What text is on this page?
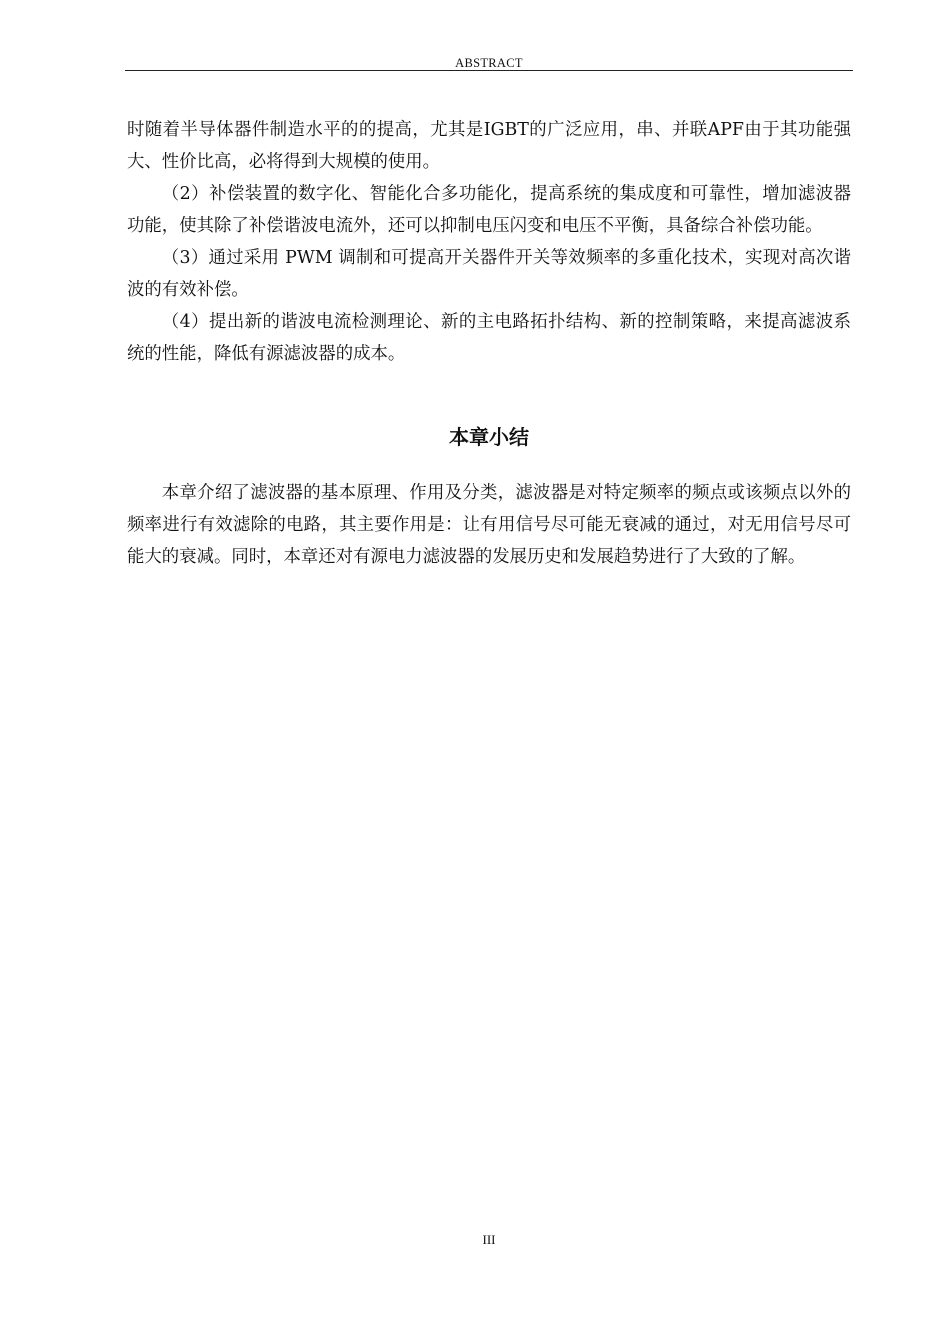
ABSTRACT

时随着半导体器件制造水平的的提高，尤其是IGBT的广泛应用，串、并联APF由于其功能强大、性价比高，必将得到大规模的使用。

（2）补偿装置的数字化、智能化合多功能化，提高系统的集成度和可靠性，增加滤波器功能，使其除了补偿谐波电流外，还可以抑制电压闪变和电压不平衡，具备综合补偿功能。

（3）通过采用 PWM 调制和可提高开关器件开关等效频率的多重化技术，实现对高次谐波的有效补偿。

（4）提出新的谐波电流检测理论、新的主电路拓扑结构、新的控制策略，来提高滤波系统的性能，降低有源滤波器的成本。

本章小结

本章介绍了滤波器的基本原理、作用及分类，滤波器是对特定频率的频点或该频点以外的频率进行有效滤除的电路，其主要作用是：让有用信号尽可能无衰减的通过，对无用信号尽可能大的衰减。同时，本章还对有源电力滤波器的发展历史和发展趋势进行了大致的了解。

III
